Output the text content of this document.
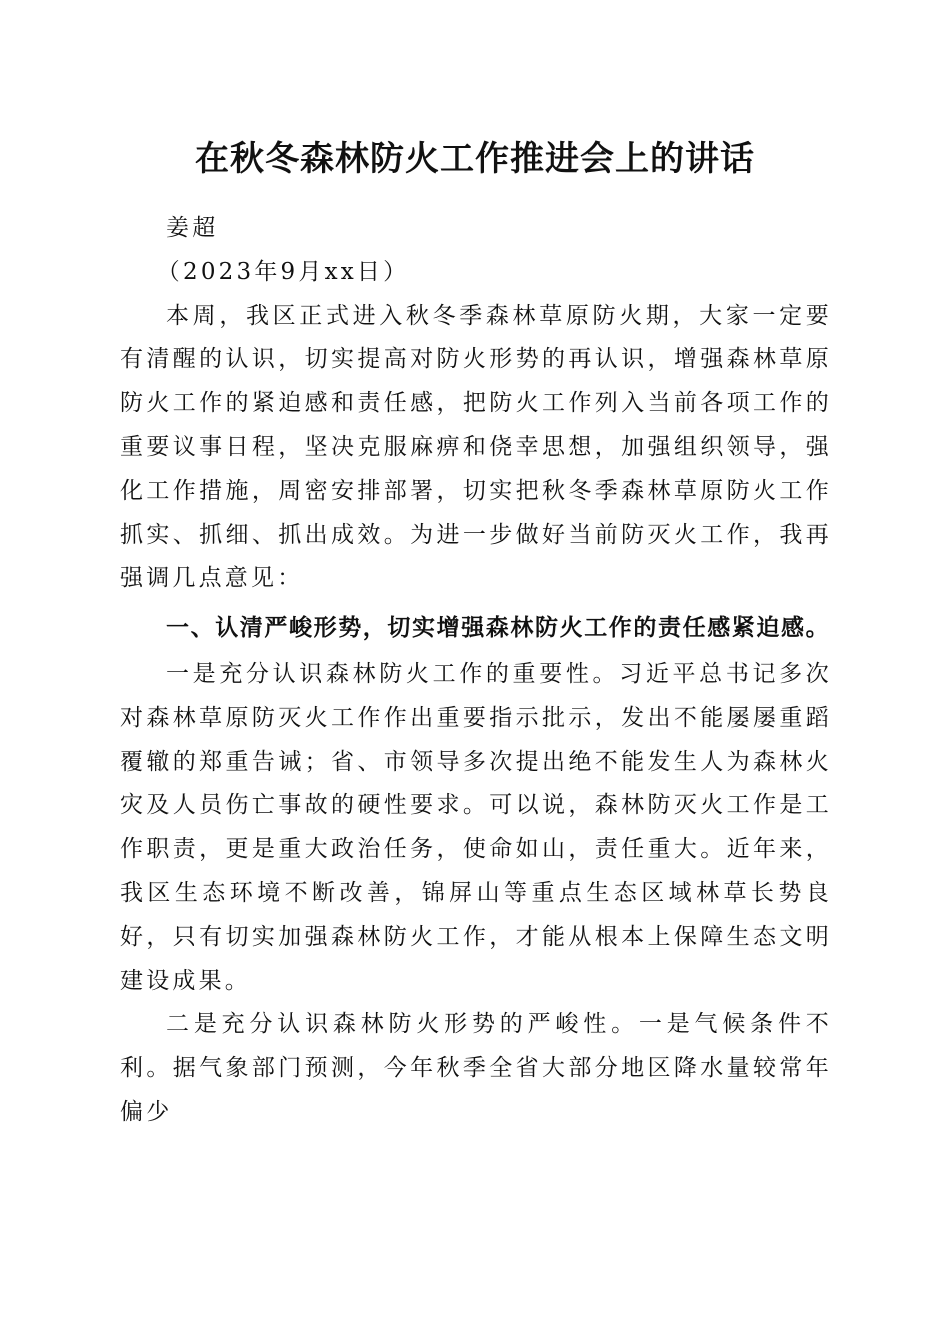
在秋冬森林防火工作推进会上的讲话

姜超

（2023年9月xx日）

本周，我区正式进入秋冬季森林草原防火期，大家一定要有清醒的认识，切实提高对防火形势的再认识，增强森林草原防火工作的紧迫感和责任感，把防火工作列入当前各项工作的重要议事日程，坚决克服麻痹和侥幸思想，加强组织领导，强化工作措施，周密安排部署，切实把秋冬季森林草原防火工作抓实、抓细、抓出成效。为进一步做好当前防灭火工作，我再强调几点意见：

一、认清严峻形势，切实增强森林防火工作的责任感紧迫感。

一是充分认识森林防火工作的重要性。习近平总书记多次对森林草原防灭火工作作出重要指示批示，发出不能屡屡重蹈覆辙的郑重告诫；省、市领导多次提出绝不能发生人为森林火灾及人员伤亡事故的硬性要求。可以说，森林防灭火工作是工作职责，更是重大政治任务，使命如山，责任重大。近年来，我区生态环境不断改善，锦屏山等重点生态区域林草长势良好，只有切实加强森林防火工作，才能从根本上保障生态文明建设成果。

二是充分认识森林防火形势的严峻性。一是气候条件不利。据气象部门预测，今年秋季全省大部分地区降水量较常年偏少
